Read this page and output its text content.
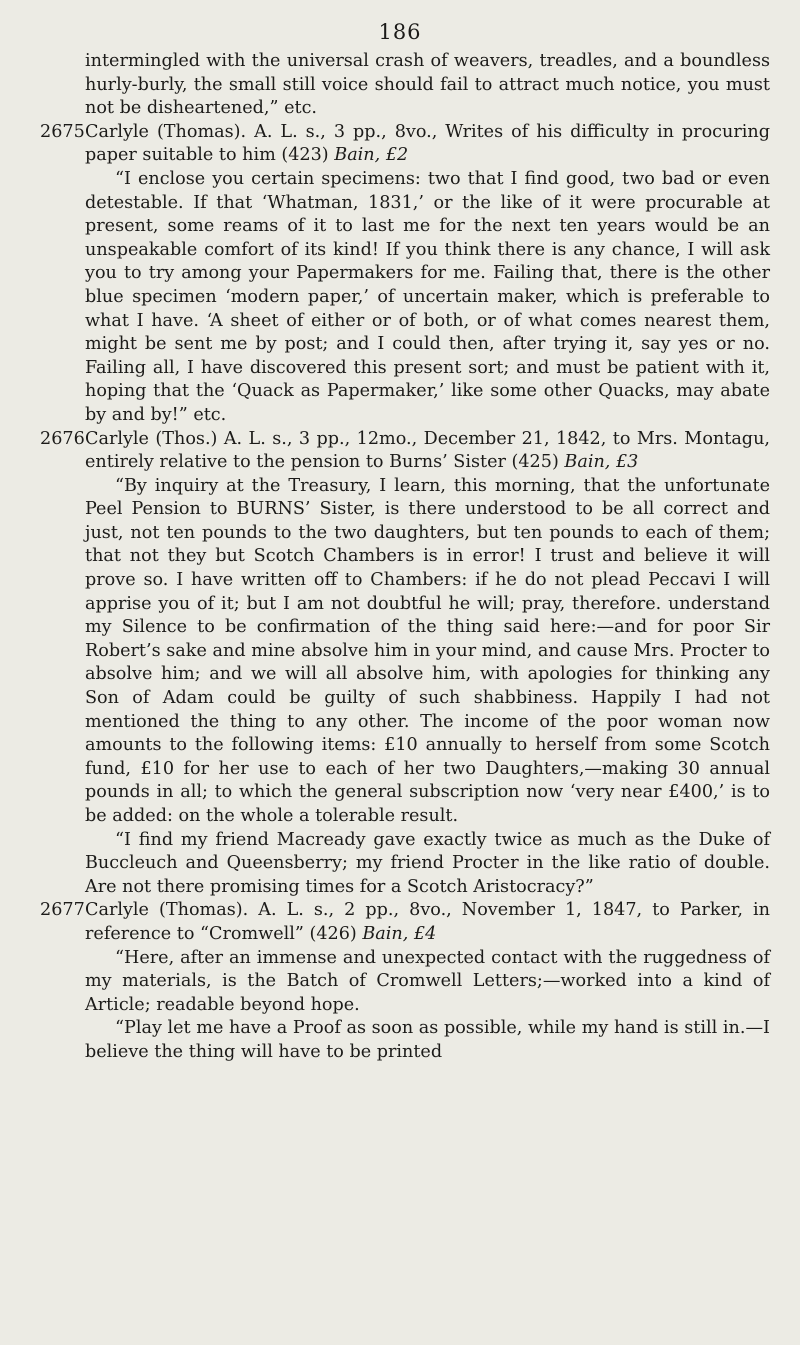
186

intermingled with the universal crash of weavers, treadles, and a boundless hurly-burly, the small still voice should fail to attract much notice, you must not be disheartened,” etc.

2675 Carlyle (Thomas). A. L. s., 3 pp., 8vo., Writes of his difficulty in procuring paper suitable to him (423) Bain, £2

“I enclose you certain specimens: two that I find good, two bad or even detestable. If that ‘Whatman, 1831,’ or the like of it were procurable at present, some reams of it to last me for the next ten years would be an unspeakable comfort of its kind! If you think there is any chance, I will ask you to try among your Papermakers for me. Failing that, there is the other blue specimen ‘modern paper,’ of uncertain maker, which is preferable to what I have. ‘A sheet of either or of both, or of what comes nearest them, might be sent me by post; and I could then, after trying it, say yes or no. Failing all, I have discovered this present sort; and must be patient with it, hoping that the ‘Quack as Papermaker,’ like some other Quacks, may abate by and by!” etc.

2676 Carlyle (Thos.) A. L. s., 3 pp., 12mo., December 21, 1842, to Mrs. Montagu, entirely relative to the pension to Burns’ Sister (425) Bain, £3

“By inquiry at the Treasury, I learn, this morning, that the unfortunate Peel Pension to BURNS’ Sister, is there understood to be all correct and just, not ten pounds to the two daughters, but ten pounds to each of them; that not they but Scotch Chambers is in error! I trust and believe it will prove so. I have written off to Chambers: if he do not plead Peccavi I will apprise you of it; but I am not doubtful he will; pray, therefore. understand my Silence to be confirmation of the thing said here:—and for poor Sir Robert’s sake and mine absolve him in your mind, and cause Mrs. Procter to absolve him; and we will all absolve him, with apologies for thinking any Son of Adam could be guilty of such shabbiness. Happily I had not mentioned the thing to any other. The income of the poor woman now amounts to the following items: £10 annually to herself from some Scotch fund, £10 for her use to each of her two Daughters,—making 30 annual pounds in all; to which the general subscription now ‘very near £400,’ is to be added: on the whole a tolerable result.

“I find my friend Macready gave exactly twice as much as the Duke of Buccleuch and Queensberry; my friend Procter in the like ratio of double. Are not there promising times for a Scotch Aristocracy?”

2677 Carlyle (Thomas). A. L. s., 2 pp., 8vo., November 1, 1847, to Parker, in reference to “Cromwell” (426) Bain, £4

“Here, after an immense and unexpected contact with the ruggedness of my materials, is the Batch of Cromwell Letters;—worked into a kind of Article; readable beyond hope.

“Play let me have a Proof as soon as possible, while my hand is still in.—I believe the thing will have to be printed
